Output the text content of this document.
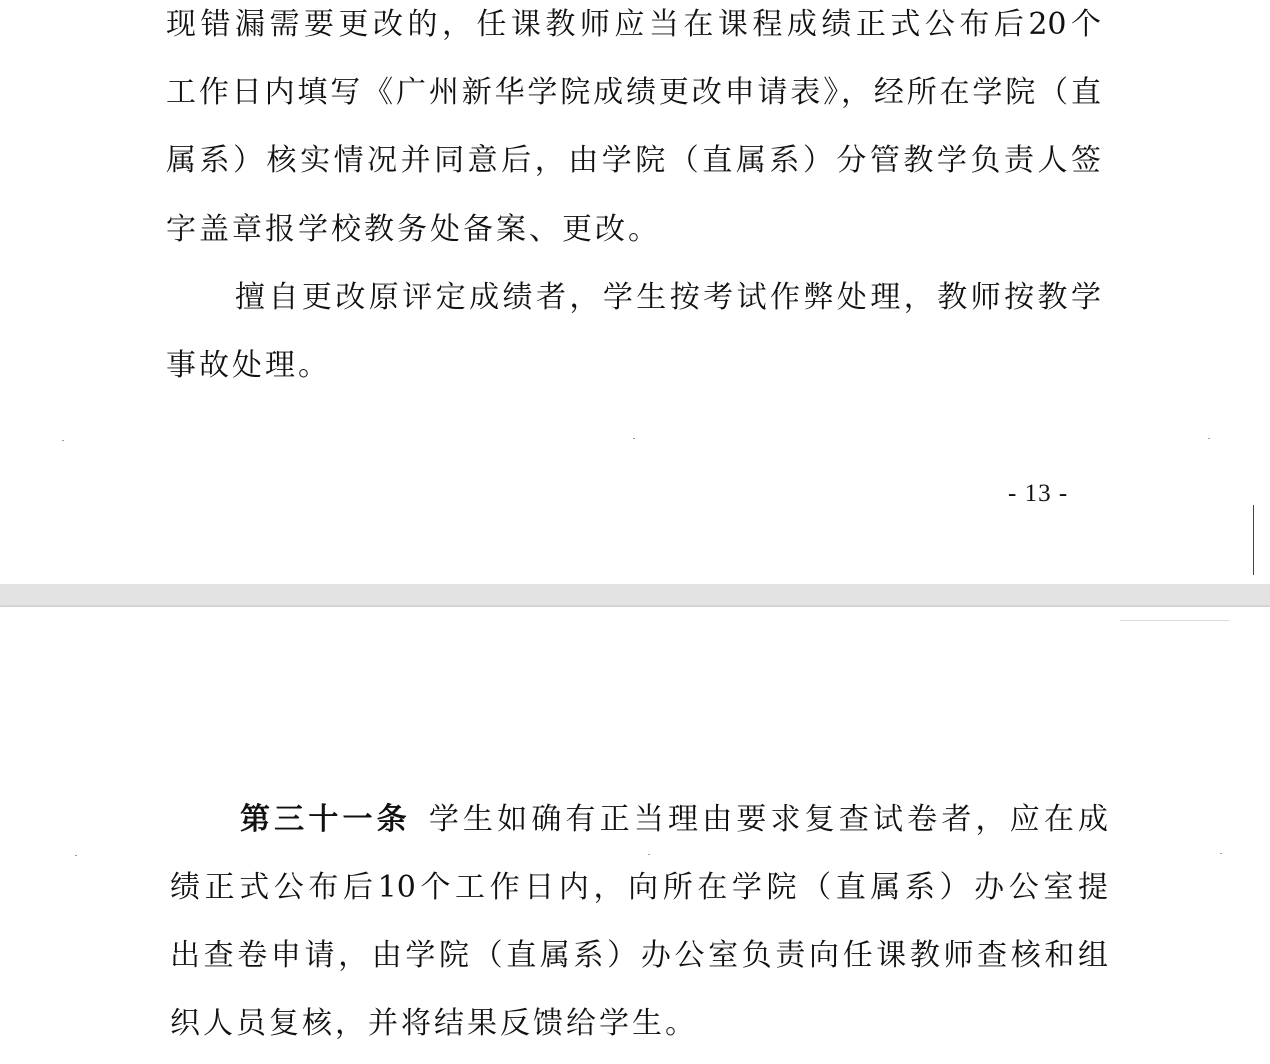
现错漏需要更改的，任课教师应当在课程成绩正式公布后20个
工作日内填写《广州新华学院成绩更改申请表》，经所在学院（直
属系）核实情况并同意后，由学院（直属系）分管教学负责人签
字盖章报学校教务处备案、更改。
擅自更改原评定成绩者，学生按考试作弊处理，教师按教学
事故处理。
- 13 -
第三十一条 学生如确有正当理由要求复查试卷者，应在成
绩正式公布后10个工作日内，向所在学院（直属系）办公室提
出查卷申请，由学院（直属系）办公室负责向任课教师查核和组
织人员复核，并将结果反馈给学生。
